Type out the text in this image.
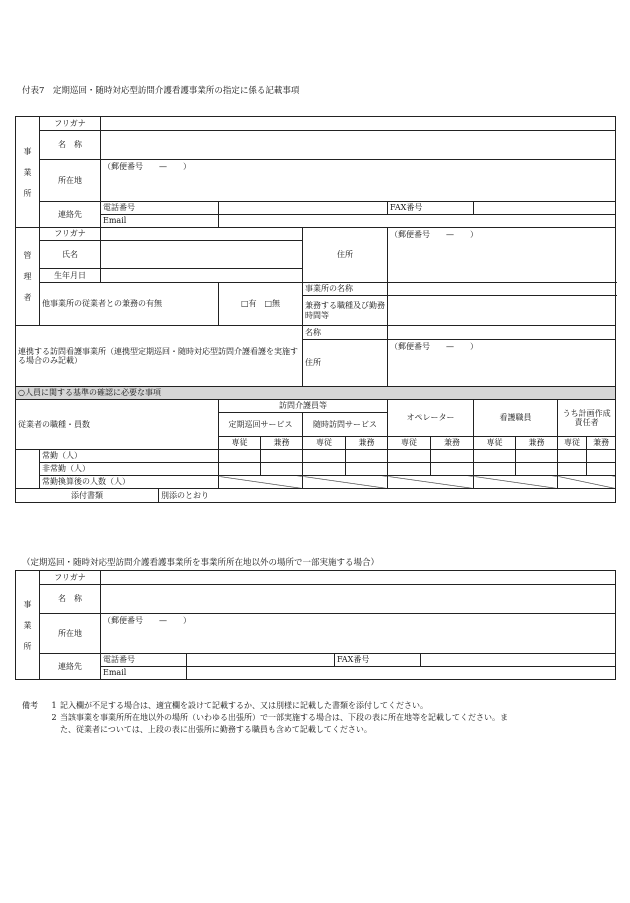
付表7　定期巡回・随時対応型訪問介護看護事業所の指定に係る記載事項
事
業
所	フリガナ												
	名　称												
	所在地	（郵便番号　　—　　）											
	連絡先	電話番号						FAX番号					
		Email											

管
理
者	フリガナ					住所		（郵便番号　　—　　）					
	氏名												
	生年月日												
	他事業所の従業者との兼務の有無			□有　 □無		事業所の名称							
						兼務する職種及び勤務時間等							
連携する訪問看護事業所（連携型定期巡回・随時対応型訪問介護看護を実施する場合のみ記載）						名称							
						住所		（郵便番号　　—　　）					
○人員に関する基準の確認に必要な事項													
従業者の職種・員数				訪問介護員等				オペレーター		看護職員		うち計画作成責任者	
				定期巡回サービス		随時訪問サービス							
				専従	兼務	専従	兼務	専従	兼務	専従	兼務	専従	兼務
	常勤（人）												
	非常勤（人）												
	常勤換算後の人数（人）												
添付書類			別添のとおり										
（定期巡回・随時対応型訪問介護看護事業所を事業所所在地以外の場所で一部実施する場合）
事
業
所	フリガナ				
	名　称				
	所在地	（郵便番号　　—　　）			
	連絡先	電話番号		FAX番号	
		Email			
備考	1 記入欄が不足する場合は、適宜欄を設けて記載するか、又は別様に記載した書類を添付してください。
2 当該事業を事業所所在地以外の場所（いわゆる出張所）で一部実施する場合は、下段の表に所在地等を記載してください。ま
た、従業者については、上段の表に出張所に勤務する職員も含めて記載してください。
